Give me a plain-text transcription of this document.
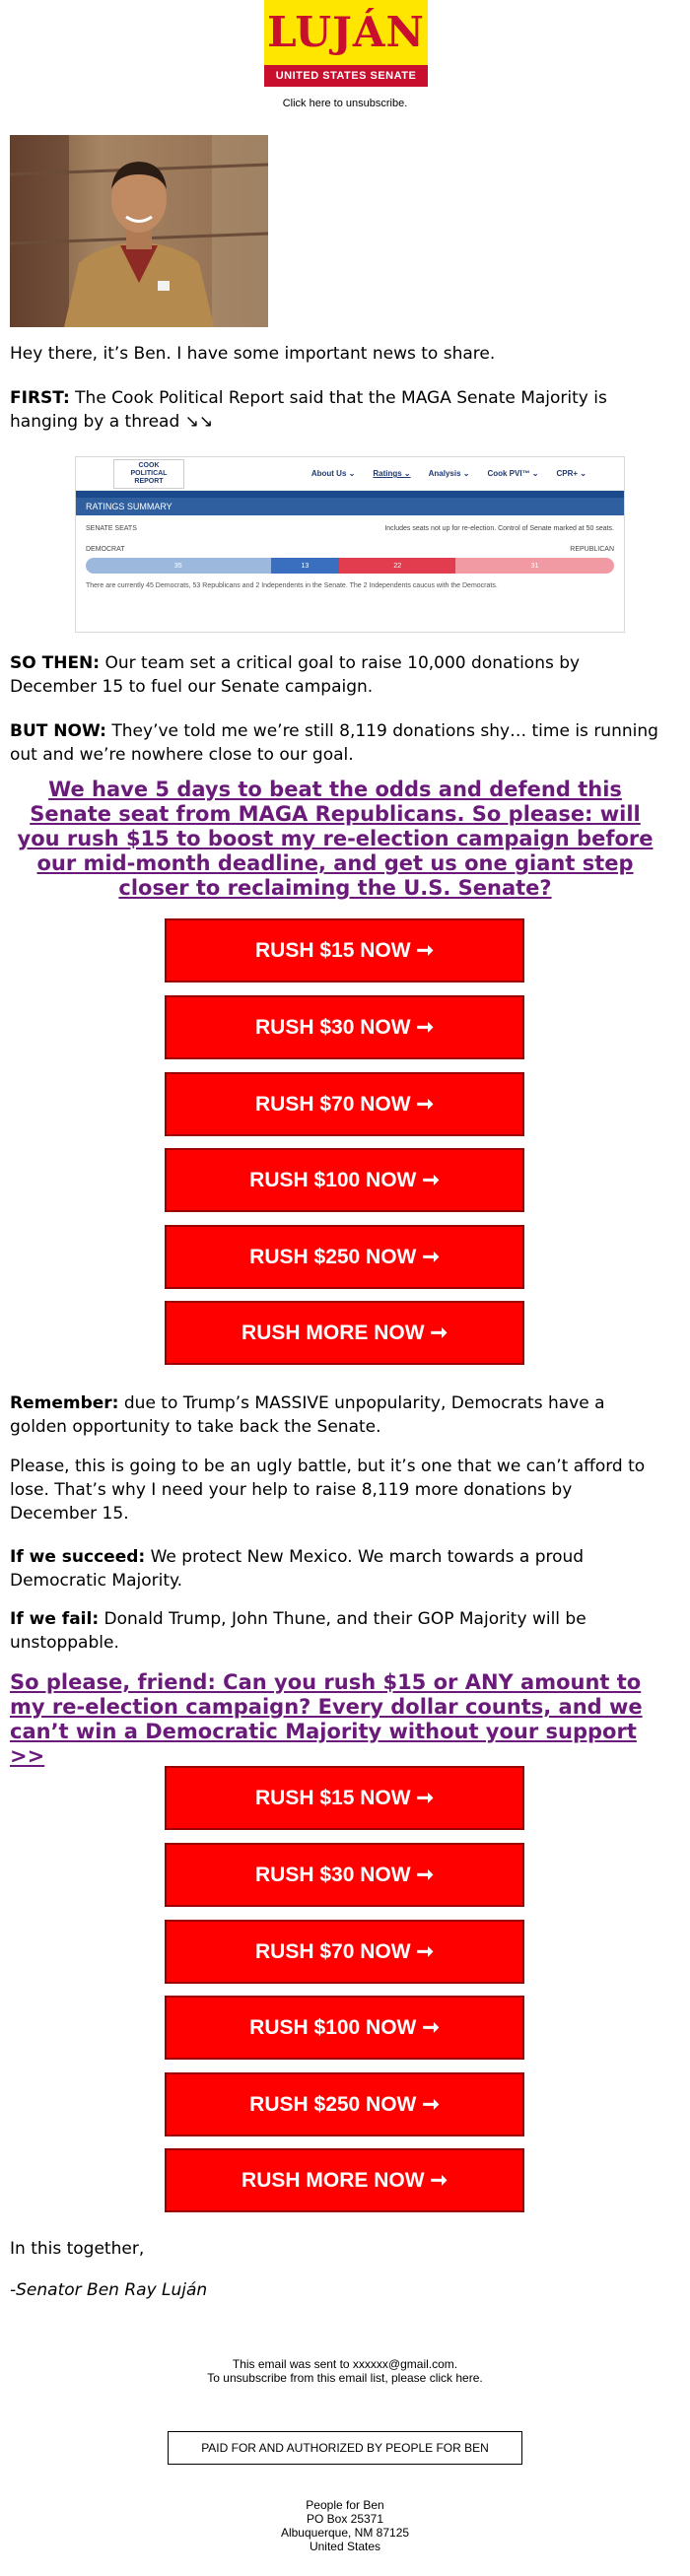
LUJÁN
UNITED STATES SENATE
Click here to unsubscribe.
Hey there, it’s Ben. I have some important news to share.
FIRST: The Cook Political Report said that the MAGA Senate Majority is hanging by a thread ↘↘
COOK
POLITICAL
REPORT
About Us ⌄ Ratings ⌄ Analysis ⌄ Cook PVI™ ⌄ CPR+ ⌄
RATINGS SUMMARY
SENATE SEATS	Includes seats not up for re-election. Control of Senate marked at 50 seats.
DEMOCRAT	REPUBLICAN
35	13	22	31
There are currently 45 Democrats, 53 Republicans and 2 Independents in the Senate. The 2 Independents caucus with the Democrats.
SO THEN: Our team set a critical goal to raise 10,000 donations by December 15 to fuel our Senate campaign.
BUT NOW: They’ve told me we’re still 8,119 donations shy… time is running out and we’re nowhere close to our goal.
We have 5 days to beat the odds and defend this Senate seat from MAGA Republicans. So please: will you rush $15 to boost my re-election campaign before our mid-month deadline, and get us one giant step closer to reclaiming the U.S. Senate?
RUSH $15 NOW ➞
RUSH $30 NOW ➞
RUSH $70 NOW ➞
RUSH $100 NOW ➞
RUSH $250 NOW ➞
RUSH MORE NOW ➞
Remember: due to Trump’s MASSIVE unpopularity, Democrats have a golden opportunity to take back the Senate.
Please, this is going to be an ugly battle, but it’s one that we can’t afford to lose. That’s why I need your help to raise 8,119 more donations by December 15.
If we succeed: We protect New Mexico. We march towards a proud Democratic Majority.
If we fail: Donald Trump, John Thune, and their GOP Majority will be unstoppable.
So please, friend: Can you rush $15 or ANY amount to my re-election campaign? Every dollar counts, and we can’t win a Democratic Majority without your support >>
RUSH $15 NOW ➞
RUSH $30 NOW ➞
RUSH $70 NOW ➞
RUSH $100 NOW ➞
RUSH $250 NOW ➞
RUSH MORE NOW ➞
In this together,
-Senator Ben Ray Luján
This email was sent to xxxxxx@gmail.com.
To unsubscribe from this email list, please click here.
PAID FOR AND AUTHORIZED BY PEOPLE FOR BEN
People for Ben
PO Box 25371
Albuquerque, NM 87125
United States
